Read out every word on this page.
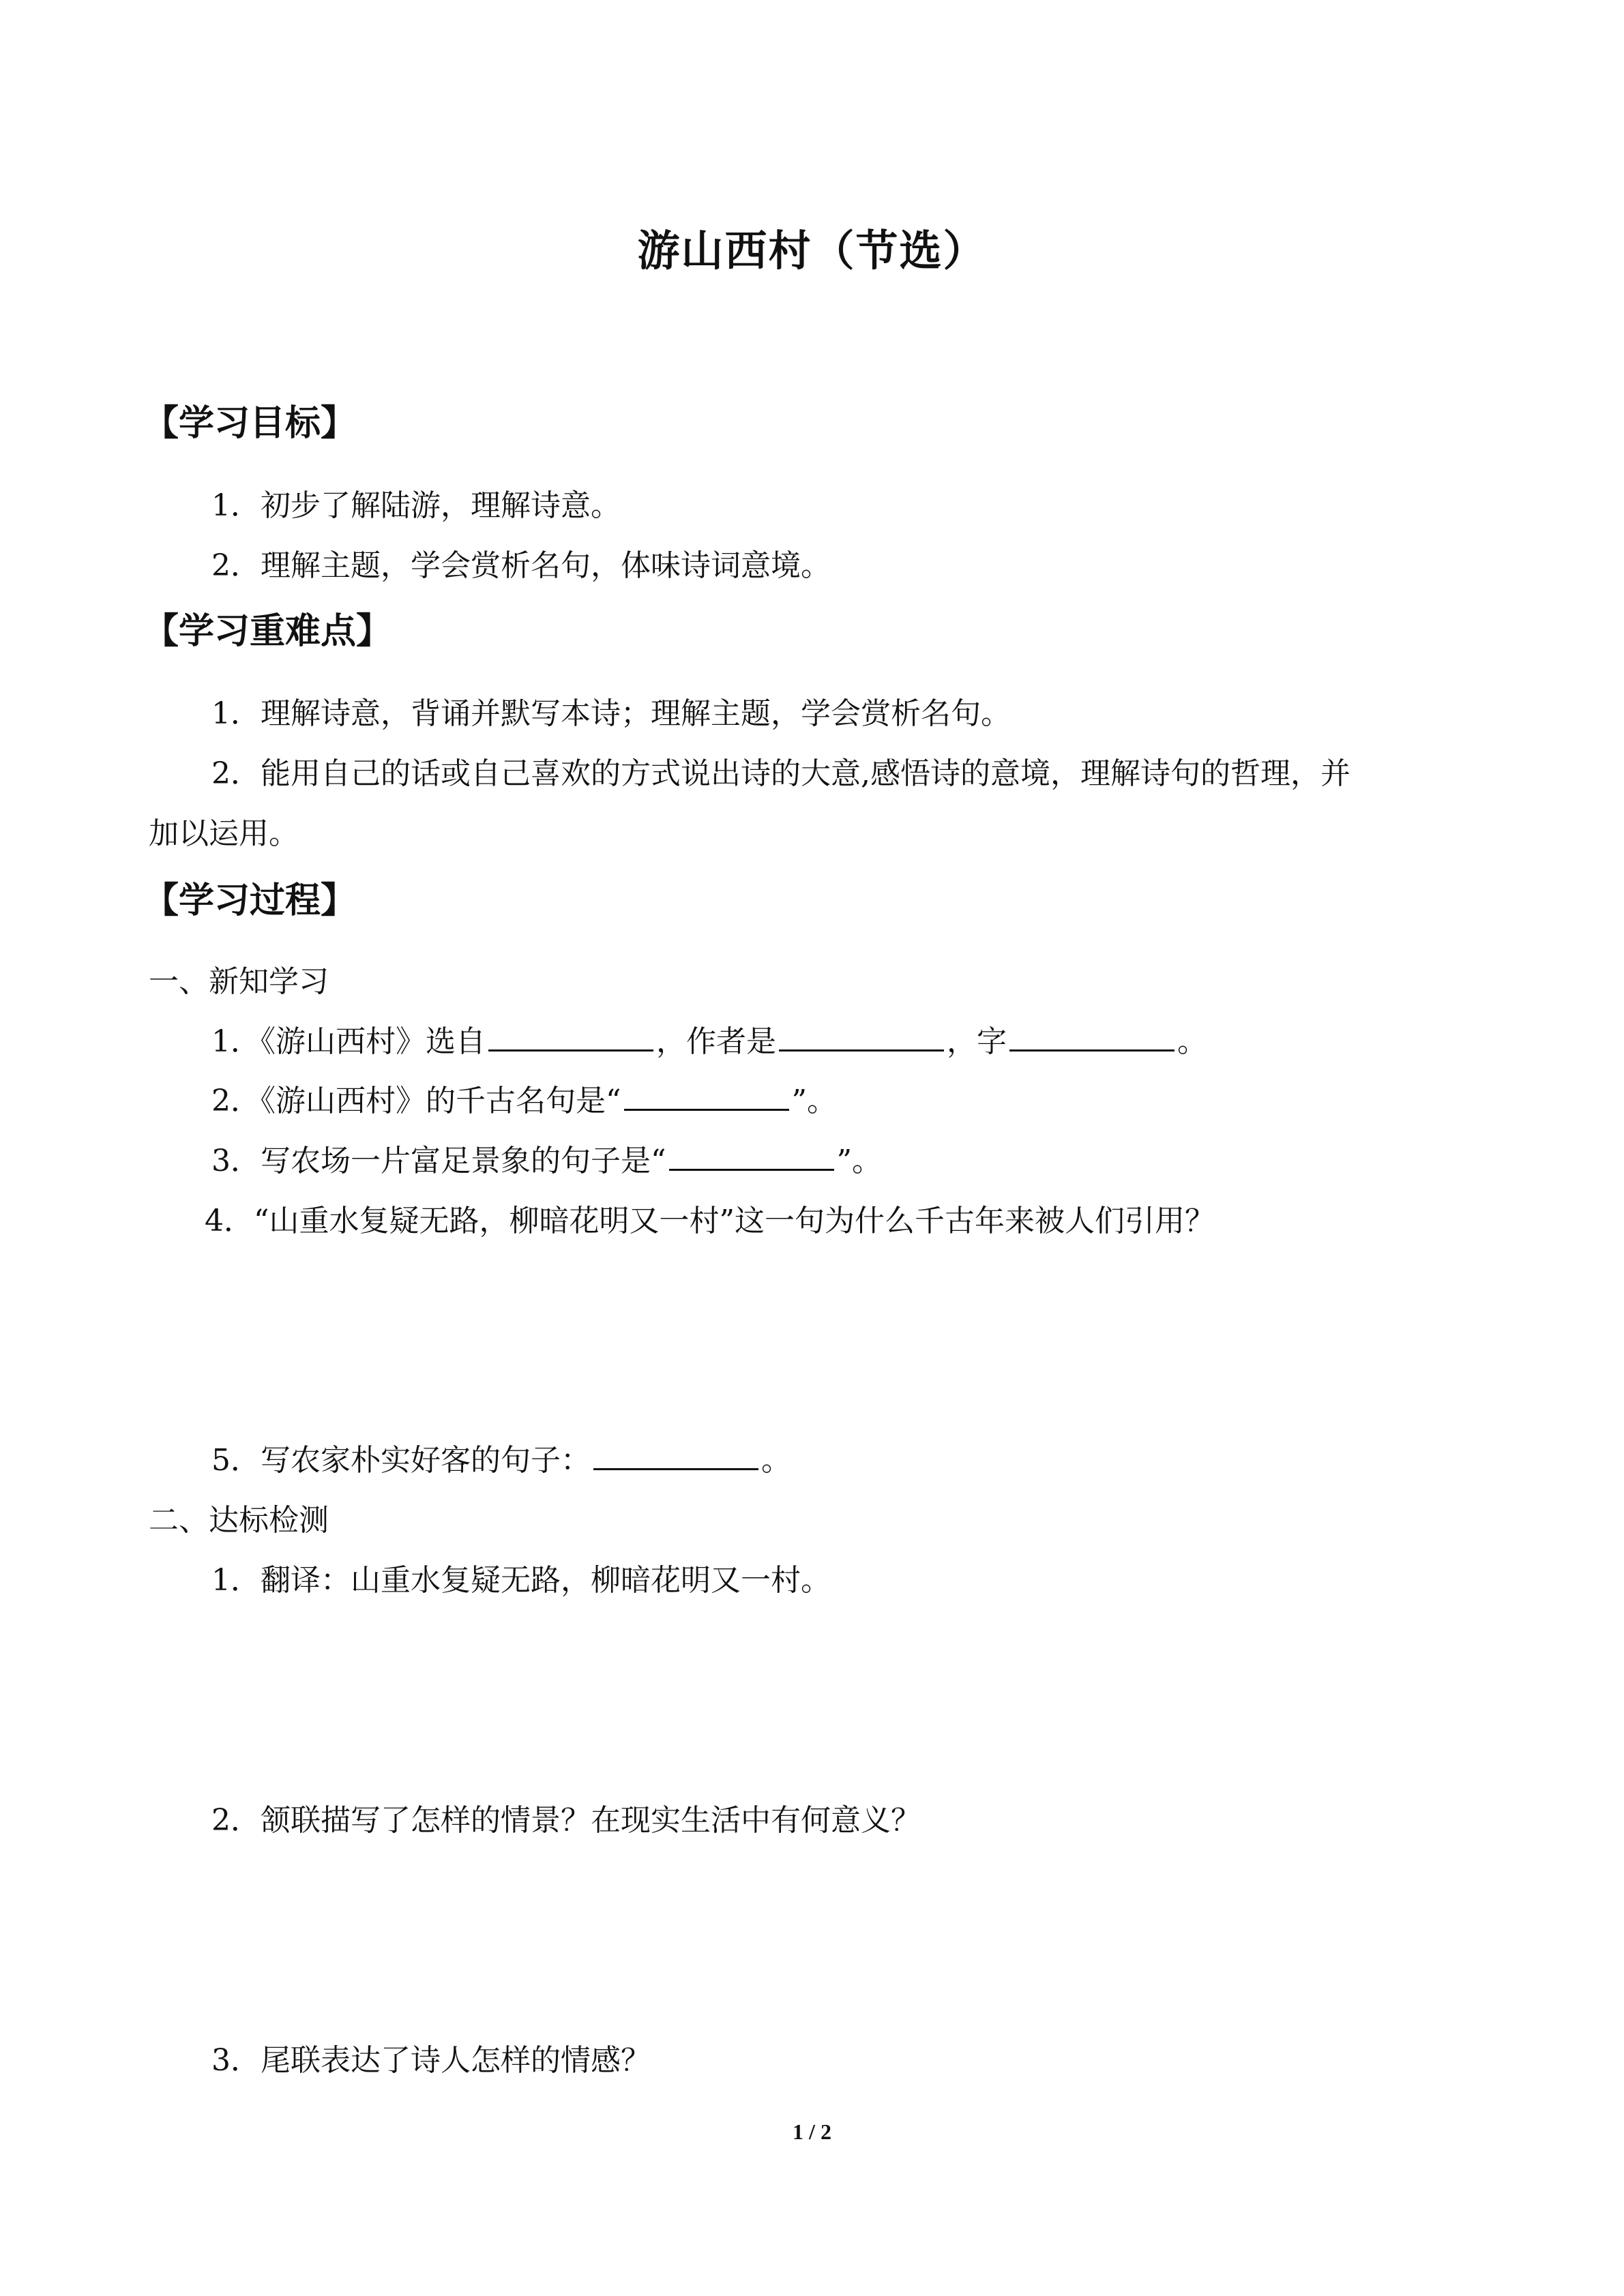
游山西村（节选）
【学习目标】
1．初步了解陆游，理解诗意。
2．理解主题，学会赏析名句，体味诗词意境。
【学习重难点】
1．理解诗意，背诵并默写本诗；理解主题，学会赏析名句。
2．能用自己的话或自己喜欢的方式说出诗的大意,感悟诗的意境，理解诗句的哲理，并
加以运用。
【学习过程】
一、新知学习
1．《游山西村》选自	，作者是	，字	。
2．《游山西村》的千古名句是“	”。
3．写农场一片富足景象的句子是“	”。
4．“山重水复疑无路，柳暗花明又一村”这一句为什么千古年来被人们引用？
5．写农家朴实好客的句子：	。
二、达标检测
1．翻译：山重水复疑无路，柳暗花明又一村。
2．颔联描写了怎样的情景？在现实生活中有何意义？
3．尾联表达了诗人怎样的情感？
1 / 2
